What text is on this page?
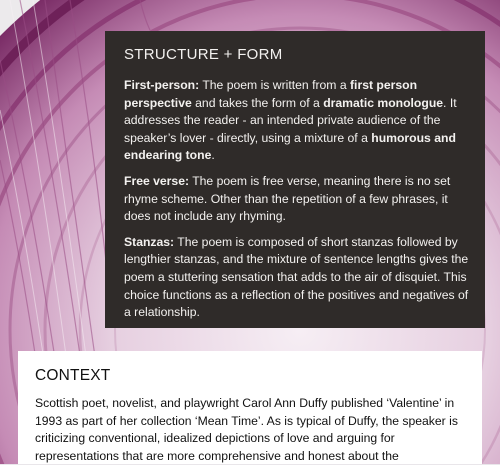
STRUCTURE + FORM

First-person: The poem is written from a first person perspective and takes the form of a dramatic monologue. It addresses the reader - an intended private audience of the speaker’s lover - directly, using a mixture of a humorous and endearing tone.

Free verse: The poem is free verse, meaning there is no set rhyme scheme. Other than the repetition of a few phrases, it does not include any rhyming.

Stanzas: The poem is composed of short stanzas followed by lengthier stanzas, and the mixture of sentence lengths gives the poem a stuttering sensation that adds to the air of disquiet. This choice functions as a reflection of the positives and negatives of a relationship.

CONTEXT

Scottish poet, novelist, and playwright Carol Ann Duffy published ‘Valentine’ in 1993 as part of her collection ‘Mean Time’. As is typical of Duffy, the speaker is criticizing conventional, idealized depictions of love and arguing for representations that are more comprehensive and honest about the
